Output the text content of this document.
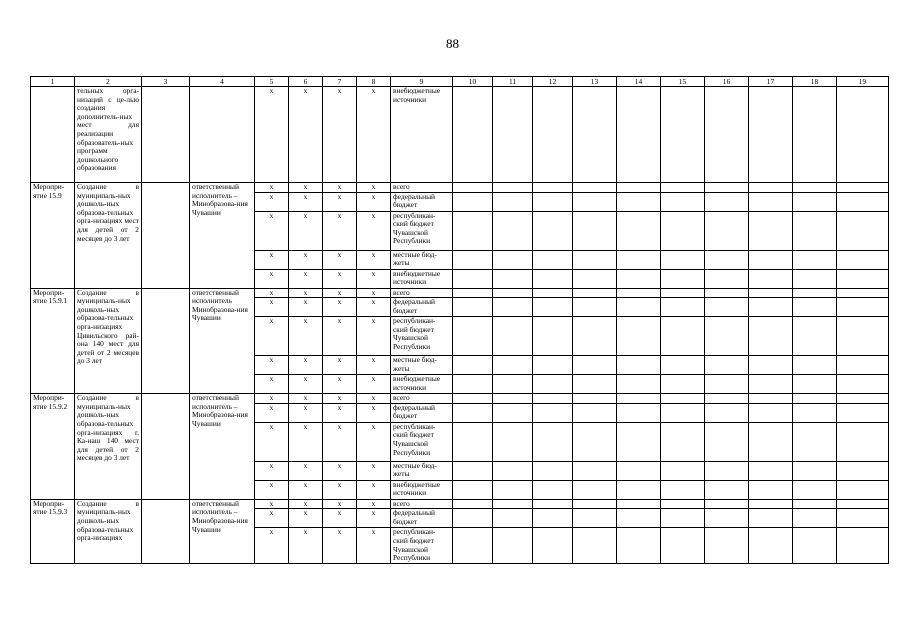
88
1	2	3	4	5	6	7	8	9	10	11	12	13	14	15	16	17	18	19
	тельных орга-низаций с це-лью создания дополнитель-ных мест для реализации образователь-ных программ дошкольного образования			х	х	х	х	внебюджетные источники										
Меропри-ятие 15.9	Создание в муниципаль-ных дошколь-ных образова-тельных орга-низациях мест для детей от 2 месяцев до 3 лет		ответственный исполнитель – Минобразова-ния Чувашии	х	х	х	х	всего										
				х	х	х	х	федеральный бюджет										
				х	х	х	х	республикан-ский бюджет Чувашской Республики										
				х	х	х	х	местные бюд-жеты										
				х	х	х	х	внебюджетные источники										
Меропри-ятие 15.9.1	Создание в муниципаль-ных дошколь-ных образова-тельных орга-низациях Цивильского рай-она 140 мест для детей от 2 месяцев до 3 лет		ответственный исполнитель Минобразова-ния Чувашии	х	х	х	х	всего										
				х	х	х	х	федеральный бюджет										
				х	х	х	х	республикан-ский бюджет Чувашской Республики										
				х	х	х	х	местные бюд-жеты										
				х	х	х	х	внебюджетные источники										
Меропри-ятие 15.9.2	Создание в муниципаль-ных дошколь-ных образова-тельных орга-низациях г. Ка-наш 140 мест для детей от 2 месяцев до 3 лет		ответственный исполнитель – Минобразова-ния Чувашии	х	х	х	х	всего										
				х	х	х	х	федеральный бюджет										
				х	х	х	х	республикан-ский бюджет Чувашской Республики										
				х	х	х	х	местные бюд-жеты										
				х	х	х	х	внебюджетные источники										
Меропри-ятие 15.9.3	Создание в муниципаль-ных дошколь-ных образова-тельных орга-низациях		ответственный исполнитель – Минобразова-ния Чувашии	х	х	х	х	всего										
				х	х	х	х	федеральный бюджет										
				х	х	х	х	республикан-ский бюджет Чувашской Республики										
